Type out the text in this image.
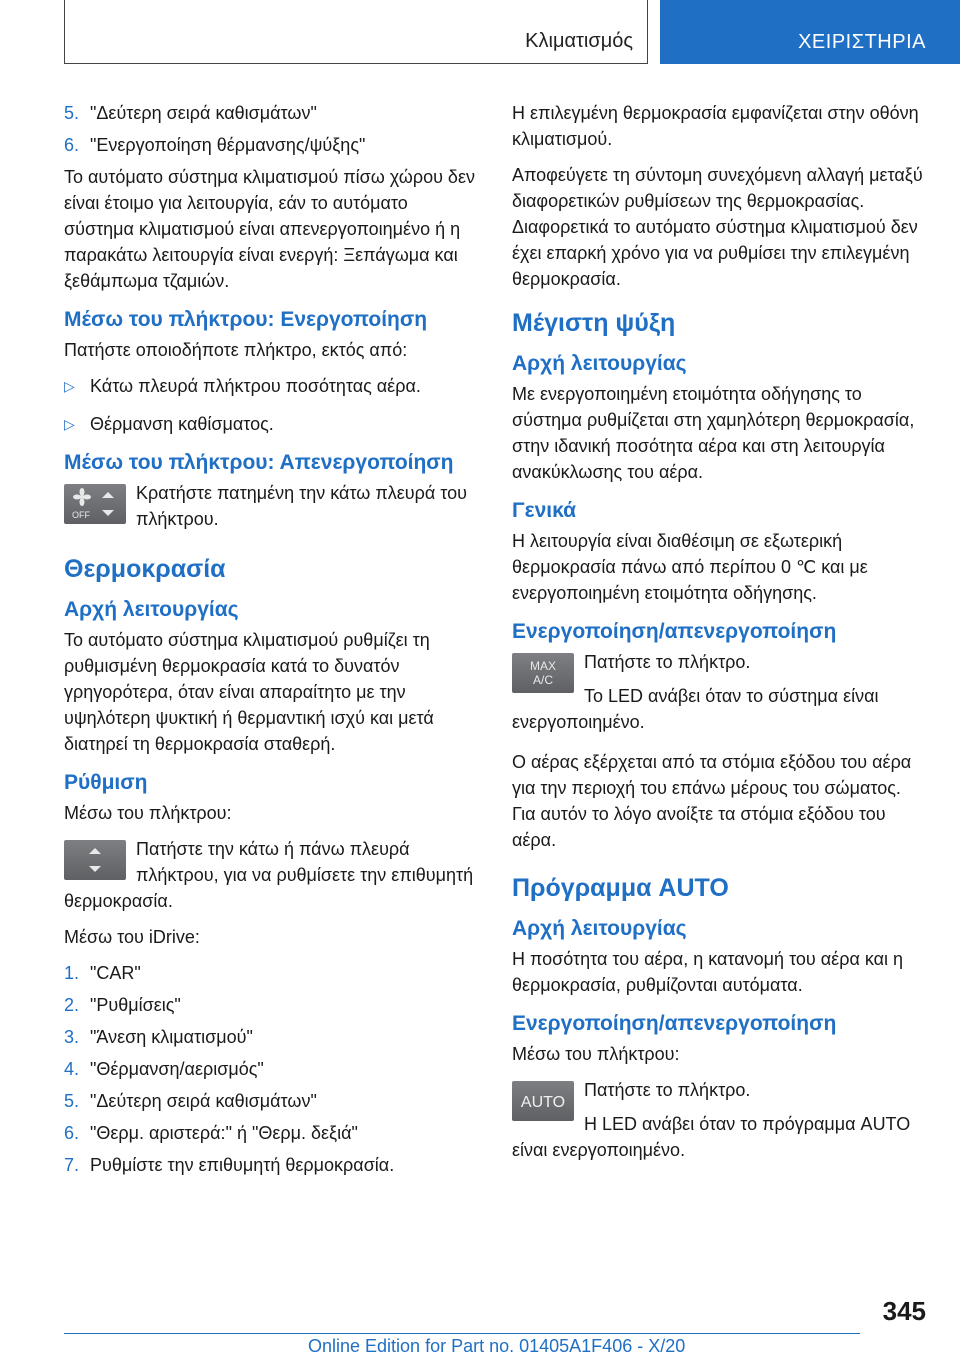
Κλιματισμός	ΧΕΙΡΙΣΤΗΡΙΑ
5. "Δεύτερη σειρά καθισμάτων"
6. "Ενεργοποίηση θέρμανσης/ψύξης"

Το αυτόματο σύστημα κλιματισμού πίσω χώρου δεν είναι έτοιμο για λειτουργία, εάν το αυτόματο σύστημα κλιματισμού είναι απενεργοποιημένο ή η παρακάτω λειτουργία είναι ενεργή: Ξεπάγωμα και ξεθάμπωμα τζαμιών.

Μέσω του πλήκτρου: Ενεργοποίηση

Πατήστε οποιοδήποτε πλήκτρο, εκτός από:

▷ Κάτω πλευρά πλήκτρου ποσότητας αέρα.
▷ Θέρμανση καθίσματος.
Μέσω του πλήκτρου: Απενεργοποίηση
OFF
Κρατήστε πατημένη την κάτω πλευρά του πλήκτρου.
Θερμοκρασία
Αρχή λειτουργίας

Το αυτόματο σύστημα κλιματισμού ρυθμίζει τη ρυθμισμένη θερμοκρασία κατά το δυνατόν γρηγορότερα, όταν είναι απαραίτητο με την υψηλότερη ψυκτική ή θερμαντική ισχύ και μετά διατηρεί τη θερμοκρασία σταθερή.

Ρύθμιση

Μέσω του πλήκτρου:

Πατήστε την κάτω ή πάνω πλευρά πλήκτρου, για να ρυθμίσετε την επιθυμητή θερμοκρασία.

Μέσω του iDrive:

1. "CAR"
2. "Ρυθμίσεις"
3. "Άνεση κλιματισμού"
4. "Θέρμανση/αερισμός"
5. "Δεύτερη σειρά καθισμάτων"
6. "Θερμ. αριστερά:" ή "Θερμ. δεξιά"
7. Ρυθμίστε την επιθυμητή θερμοκρασία.

Η επιλεγμένη θερμοκρασία εμφανίζεται στην οθόνη κλιματισμού.

Αποφεύγετε τη σύντομη συνεχόμενη αλλαγή μεταξύ διαφορετικών ρυθμίσεων της θερμοκρασίας. Διαφορετικά το αυτόματο σύστημα κλιματισμού δεν έχει επαρκή χρόνο για να ρυθμίσει την επιλεγμένη θερμοκρασία.

Μέγιστη ψύξη
Αρχή λειτουργίας

Με ενεργοποιημένη ετοιμότητα οδήγησης το σύστημα ρυθμίζεται στη χαμηλότερη θερμοκρασία, στην ιδανική ποσότητα αέρα και στη λειτουργία ανακύκλωσης του αέρα.

Γενικά

Η λειτουργία είναι διαθέσιμη σε εξωτερική θερμοκρασία πάνω από περίπου 0 ℃ και με ενεργοποιημένη ετοιμότητα οδήγησης.

Ενεργοποίηση/απενεργοποίηση
MAX
A/C
Πατήστε το πλήκτρο.
Το LED ανάβει όταν το σύστημα είναι ενεργοποιημένο.

Ο αέρας εξέρχεται από τα στόμια εξόδου του αέρα για την περιοχή του επάνω μέρους του σώματος. Για αυτόν το λόγο ανοίξτε τα στόμια εξόδου του αέρα.

Πρόγραμμα AUTO
Αρχή λειτουργίας

Η ποσότητα του αέρα, η κατανομή του αέρα και η θερμοκρασία, ρυθμίζονται αυτόματα.

Ενεργοποίηση/απενεργοποίηση

Μέσω του πλήκτρου:

AUTO
Πατήστε το πλήκτρο.
Η LED ανάβει όταν το πρόγραμμα AUTO είναι ενεργοποιημένο.
345
Online Edition for Part no. 01405A1F406 - X/20
